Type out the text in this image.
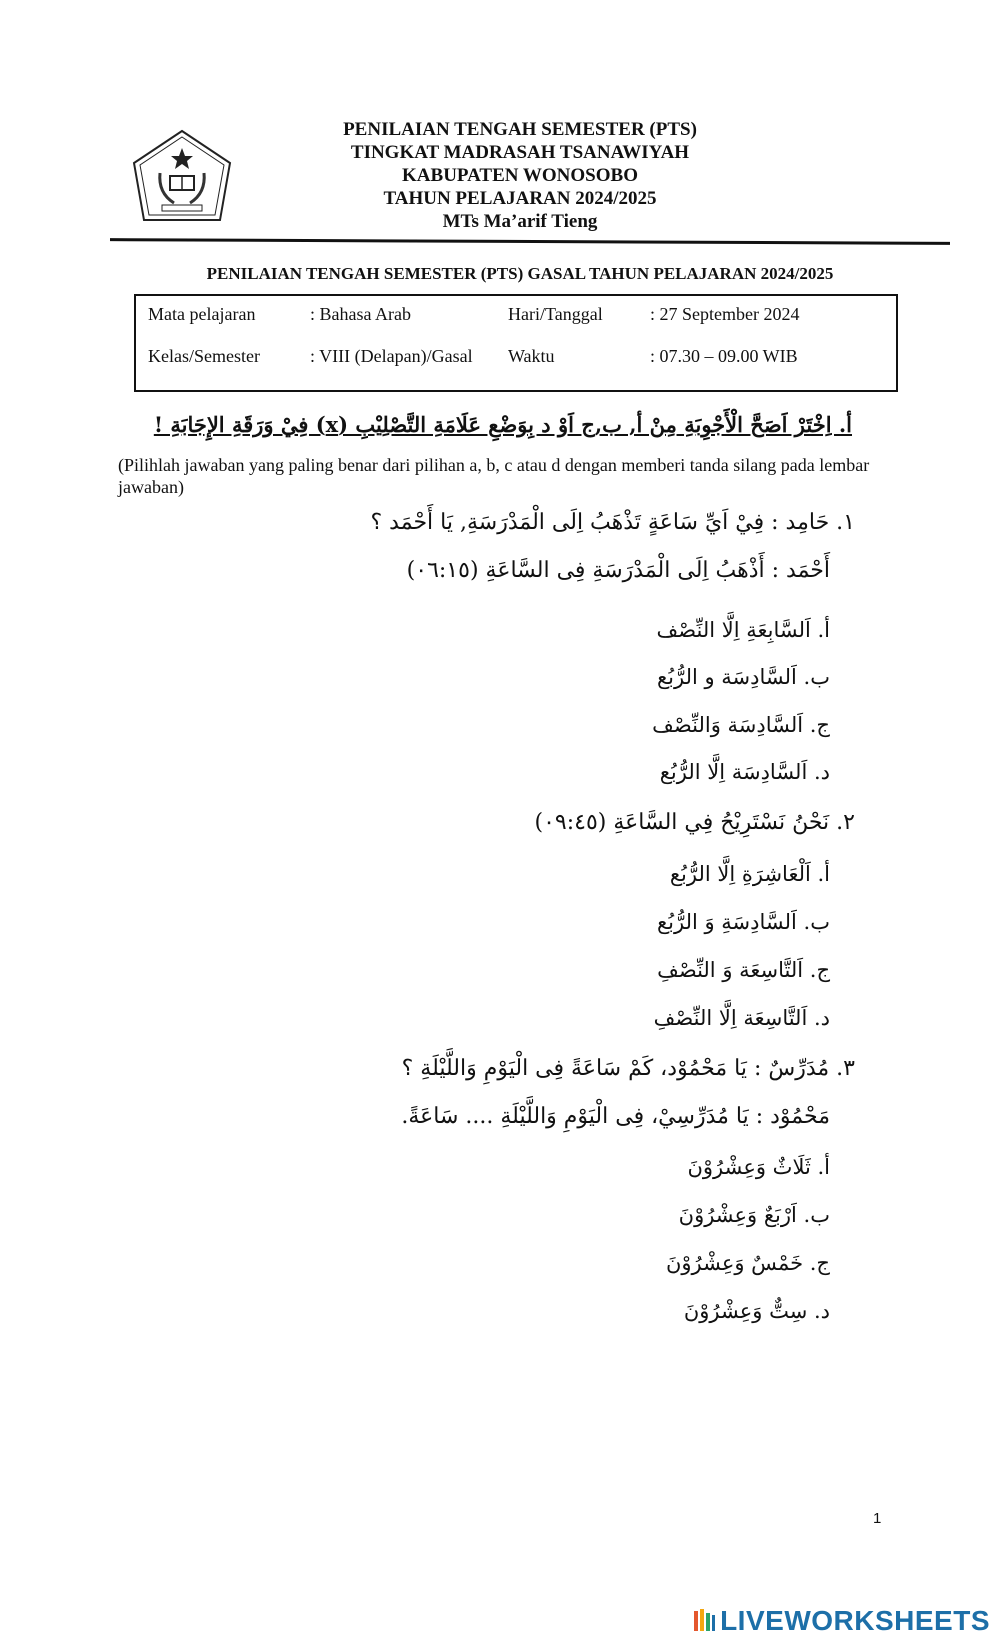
PENILAIAN TENGAH SEMESTER (PTS)
TINGKAT MADRASAH TSANAWIYAH
KABUPATEN WONOSOBO
TAHUN PELAJARAN 2024/2025
MTs Ma’arif Tieng
PENILAIAN TENGAH SEMESTER (PTS) GASAL TAHUN PELAJARAN 2024/2025
Mata pelajaran	: Bahasa Arab	Hari/Tanggal	: 27 September 2024
Kelas/Semester	: VIII (Delapan)/Gasal Waktu	: 07.30 – 09.00 WIB
أ. اِخْتَرْ اَصَحَّ الْأَجْوِبَةِ مِنْ أ, ب,ج اَوْ د بِوَضْعِ عَلَامَةِ التَّصْلِيْبِ (x) فِيْ وَرَقَةِ الإِجَابَةِ !
(Pilihlah jawaban yang paling benar dari pilihan a, b, c atau d dengan memberi tanda silang pada lembar jawaban)
١. حَامِد : فِيْ اَيِّ سَاعَةٍ تَذْهَبُ اِلَى الْمَدْرَسَةِ, يَا أَحْمَد ؟
أَحْمَد : أَذْهَبُ اِلَى الْمَدْرَسَةِ فِى السَّاعَةِ (٠٦:١٥)
أ. اَلسَّابِعَةِ اِلَّا النِّصْف
ب. اَلسَّادِسَة و الرُّبُع
ج. اَلسَّادِسَة وَالنِّصْف
د. اَلسَّادِسَة اِلَّا الرُّبُع
٢. نَحْنُ نَسْتَرِيْحُ فِي السَّاعَةِ (٠٩:٤٥)
أ. اَلْعَاشِرَةِ اِلَّا الرُّبُع
ب. اَلسَّادِسَةِ وَ الرُّبُع
ج. اَلتَّاسِعَة وَ النِّصْفِ
د. اَلتَّاسِعَة اِلَّا النِّصْفِ
٣. مُدَرِّسٌ : يَا مَحْمُوْد، كَمْ سَاعَةً فِى الْيَوْمِ وَاللَّيْلَةِ ؟
مَحْمُوْد : يَا مُدَرِّسِيْ، فِى الْيَوْمِ وَاللَّيْلَةِ .... سَاعَةً.
أ. ثَلَاثٌ وَعِشْرُوْنَ
ب. اَرْبَعٌ وَعِشْرُوْنَ
ج. خَمْسٌ وَعِشْرُوْنَ
د. سِتٌّ وَعِشْرُوْنَ
1
LIVEWORKSHEETS
